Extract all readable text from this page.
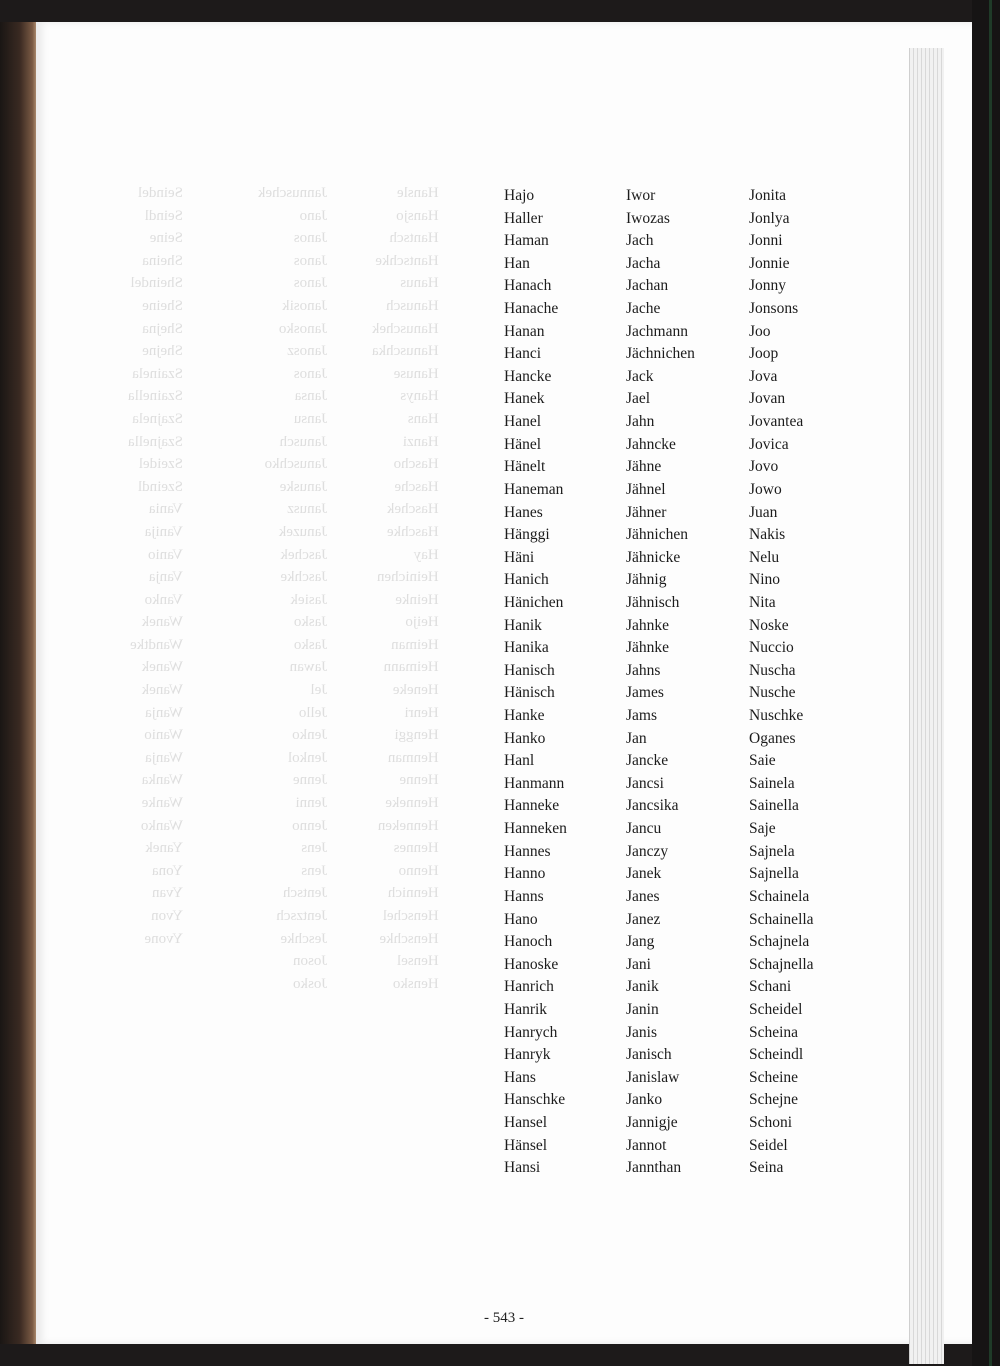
Seindel
Seindl
Seine
Sheina
Sheindel
Sheine
Shejna
Shejne
Szainela
Szainella
Szajnela
Szajnella
Szeidel
Szeindl
Vania
Vanija
Vanio
Vanja
Vanko
Wanek
Wandtke
Wanek
Wanek
Wanja
Wanio
Wanja
Wanka
Wanke
Wanko
Yanek
Yona
Yvan
Yvon
Yvone
Jannuschek
Jano
Janos
Janos
Janos
Janosik
Janosko
Janosz
Janos
Jansa
Jansu
Janusch
Januschko
Januske
Janusz
Januzek
Jaschek
Jaschke
Jasiek
Jasko
Jasko
Jawan
Jel
Jello
Jenko
Jenkol
Jenne
Jenni
Jenno
Jens
Jens
Jentsch
Jentzsch
Jeschke
Joson
Josko
Hansle
Hansjo
Hantsch
Hantschke
Hanus
Hanusch
Hanuschek
Hanuschka
Hanuse
Hanys
Hans
Hanzi
Hascho
Hasche
Haschek
Haschke
Hay
Heinichen
Heinke
Heijo
Heiman
Heimann
Heneke
Henri
Henggi
Henman
Henne
Henneke
Henneken
Hennes
Henno
Hennich
Henschel
Henschke
Hensel
Hensko
Hajo
Haller
Haman
Han
Hanach
Hanache
Hanan
Hanci
Hancke
Hanek
Hanel
Hänel
Hänelt
Haneman
Hanes
Hänggi
Häni
Hanich
Hänichen
Hanik
Hanika
Hanisch
Hänisch
Hanke
Hanko
Hanl
Hanmann
Hanneke
Hanneken
Hannes
Hanno
Hanns
Hano
Hanoch
Hanoske
Hanrich
Hanrik
Hanrych
Hanryk
Hans
Hanschke
Hansel
Hänsel
Hansi
Iwor
Iwozas
Jach
Jacha
Jachan
Jache
Jachmann
Jächnichen
Jack
Jael
Jahn
Jahncke
Jähne
Jähnel
Jähner
Jähnichen
Jähnicke
Jähnig
Jähnisch
Jahnke
Jähnke
Jahns
James
Jams
Jan
Jancke
Jancsi
Jancsika
Jancu
Janczy
Janek
Janes
Janez
Jang
Jani
Janik
Janin
Janis
Janisch
Janislaw
Janko
Jannigje
Jannot
Jannthan
Jonita
Jonlya
Jonni
Jonnie
Jonny
Jonsons
Joo
Joop
Jova
Jovan
Jovantea
Jovica
Jovo
Jowo
Juan
Nakis
Nelu
Nino
Nita
Noske
Nuccio
Nuscha
Nusche
Nuschke
Oganes
Saie
Sainela
Sainella
Saje
Sajnela
Sajnella
Schainela
Schainella
Schajnela
Schajnella
Schani
Scheidel
Scheina
Scheindl
Scheine
Schejne
Schoni
Seidel
Seina
- 543 -
